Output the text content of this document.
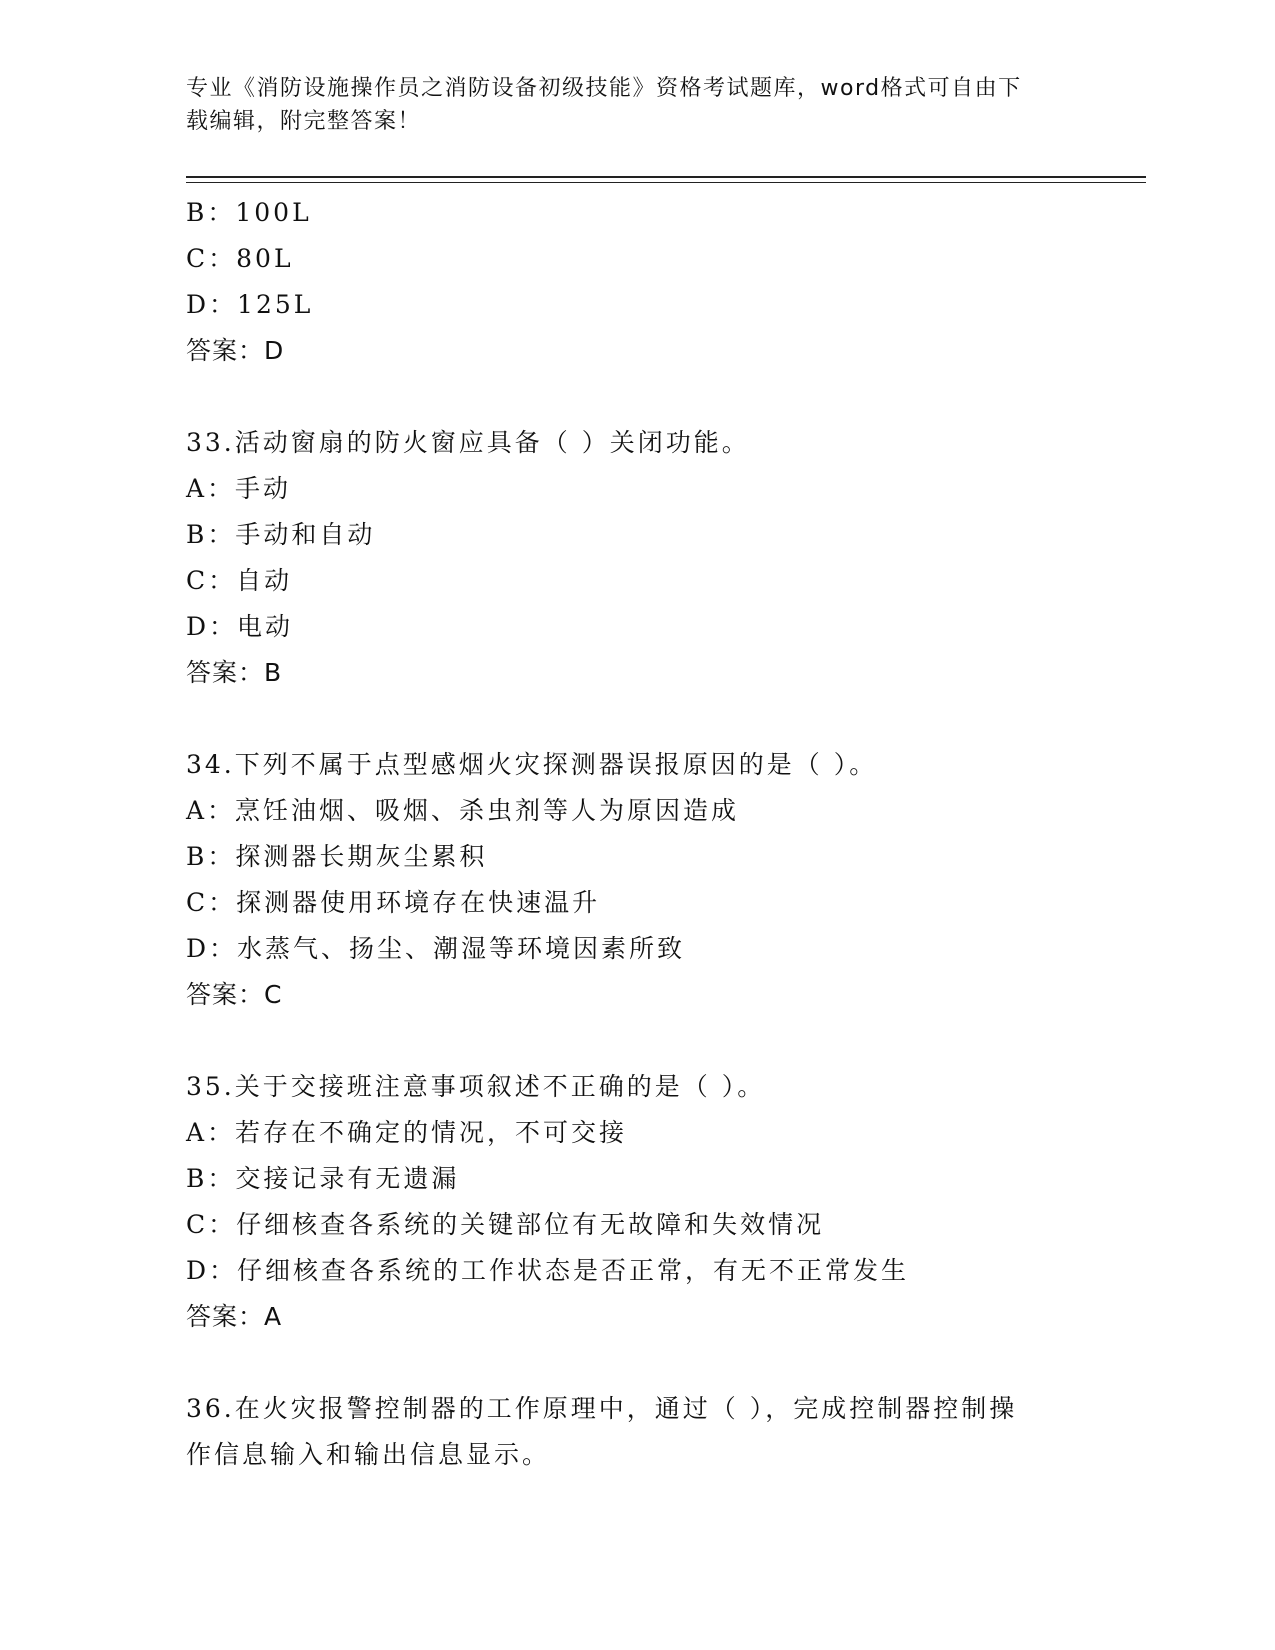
专业《消防设施操作员之消防设备初级技能》资格考试题库，word格式可自由下
载编辑，附完整答案！
B：100L
C：80L
D：125L
答案：D
33.活动窗扇的防火窗应具备（ ）关闭功能。
A：手动
B：手动和自动
C：自动
D：电动
答案：B
34.下列不属于点型感烟火灾探测器误报原因的是（ ）。
A：烹饪油烟、吸烟、杀虫剂等人为原因造成
B：探测器长期灰尘累积
C：探测器使用环境存在快速温升
D：水蒸气、扬尘、潮湿等环境因素所致
答案：C
35.关于交接班注意事项叙述不正确的是（ ）。
A：若存在不确定的情况，不可交接
B：交接记录有无遗漏
C：仔细核查各系统的关键部位有无故障和失效情况
D：仔细核查各系统的工作状态是否正常，有无不正常发生
答案：A
36.在火灾报警控制器的工作原理中，通过（ ），完成控制器控制操
作信息输入和输出信息显示。
